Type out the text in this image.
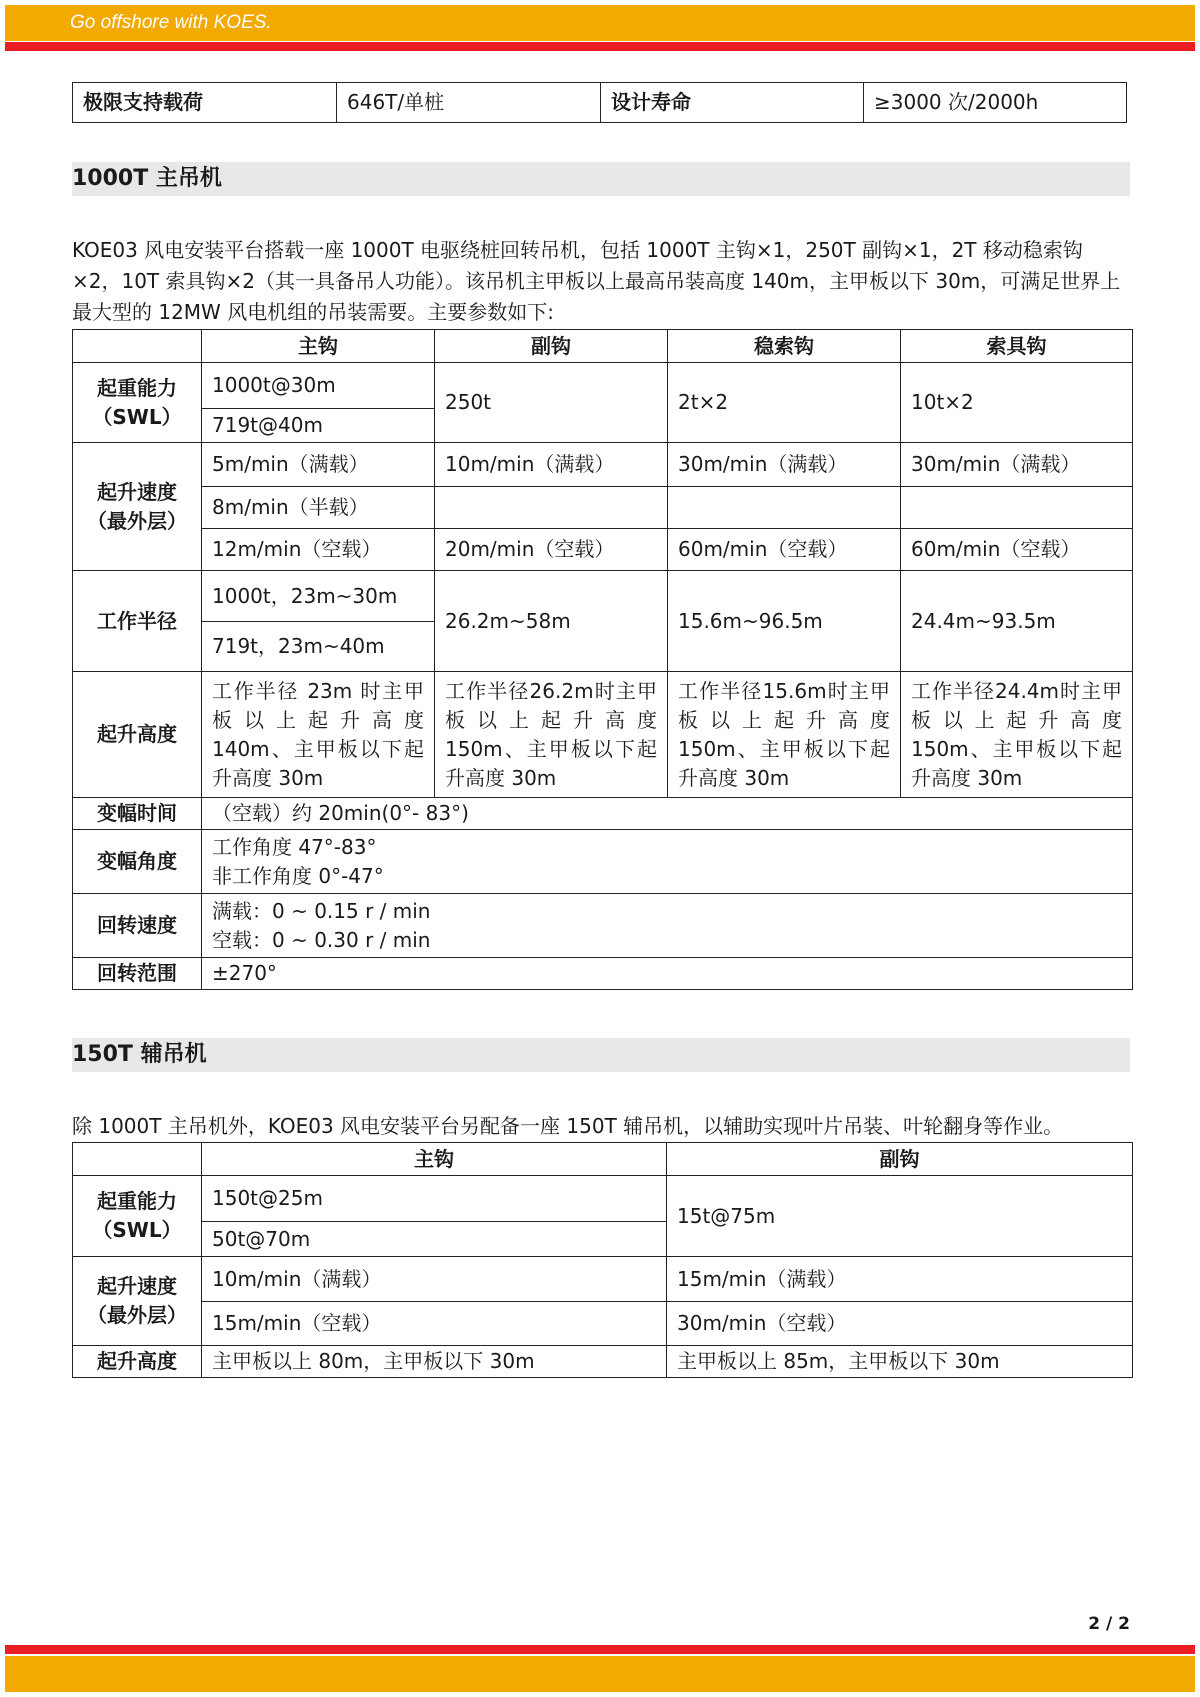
Go offshore with KOES.
极限支持载荷	646T/单桩	设计寿命	≥3000 次/2000h
1000T 主吊机
KOE03 风电安装平台搭载一座 1000T 电驱绕桩回转吊机，包括 1000T 主钩×1，250T 副钩×1，2T 移动稳索钩×2，10T 索具钩×2（其一具备吊人功能）。该吊机主甲板以上最高吊装高度 140m，主甲板以下 30m，可满足世界上最大型的 12MW 风电机组的吊装需要。主要参数如下:
	主钩	副钩	稳索钩	索具钩
起重能力
（SWL）	1000t@30m	250t	2t×2	10t×2
	719t@40m			
起升速度
（最外层）	5m/min（满载）	10m/min（满载）	30m/min（满载）	30m/min（满载）
	8m/min（半载）			
	12m/min（空载）	20m/min（空载）	60m/min（空载）	60m/min（空载）
工作半径	1000t，23m~30m	26.2m~58m	15.6m~96.5m	24.4m~93.5m
	719t，23m~40m			
起升高度	工作半径 23m 时主甲板以上起升高度140m、主甲板以下起升高度 30m	工作半径26.2m时主甲板以上起升高度150m、主甲板以下起升高度 30m	工作半径15.6m时主甲板以上起升高度150m、主甲板以下起升高度 30m	工作半径24.4m时主甲板以上起升高度150m、主甲板以下起升高度 30m
变幅时间	（空载）约 20min(0°- 83°)			
变幅角度	工作角度 47°-83°
非工作角度 0°-47°			
回转速度	满载：0 ~ 0.15 r / min
空载：0 ~ 0.30 r / min			
回转范围	±270°			
150T 辅吊机
除 1000T 主吊机外，KOE03 风电安装平台另配备一座 150T 辅吊机，以辅助实现叶片吊装、叶轮翻身等作业。
	主钩	副钩
起重能力
（SWL）	150t@25m	15t@75m
	50t@70m	
起升速度
（最外层）	10m/min（满载）	15m/min（满载）
	15m/min（空载）	30m/min（空载）
起升高度	主甲板以上 80m，主甲板以下 30m	主甲板以上 85m，主甲板以下 30m
2 / 2
